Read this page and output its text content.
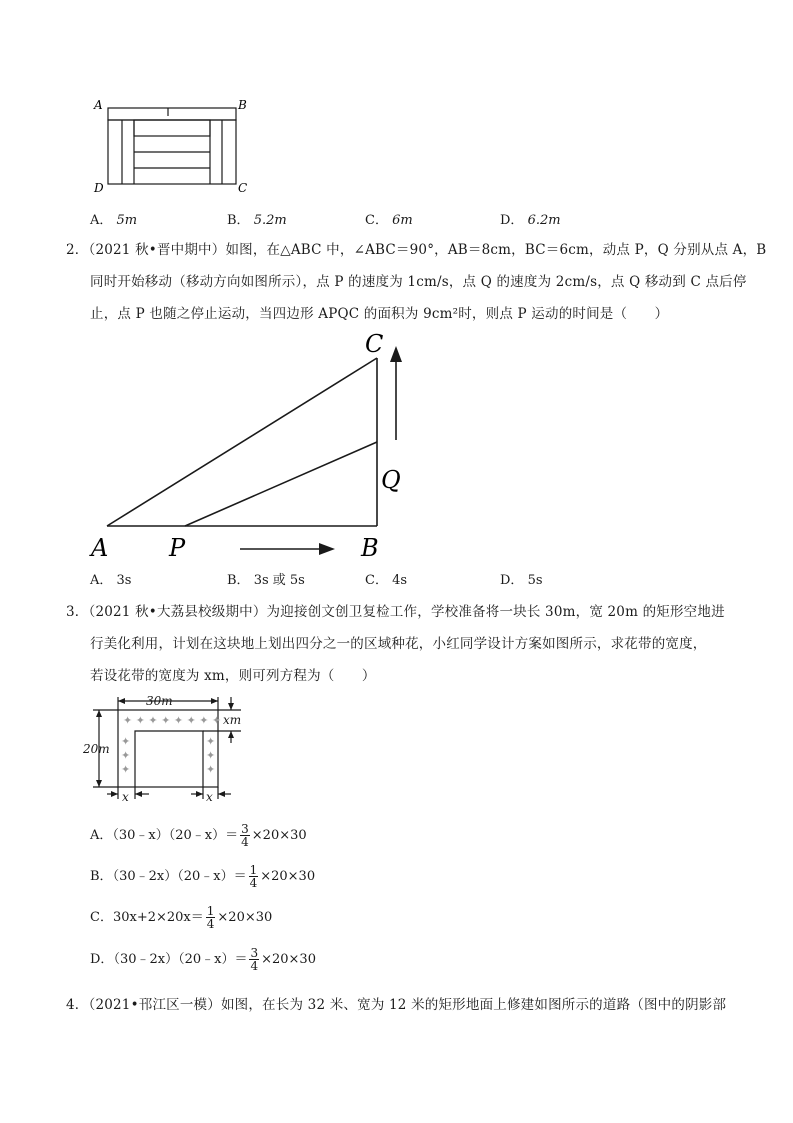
A	B
D	C
A． 5m	B． 5.2m	C． 6m	D． 6.2m
2．（2021 秋•晋中期中）如图，在△ABC 中，∠ABC＝90°，AB＝8cm，BC＝6cm，动点 P，Q 分别从点 A，B
同时开始移动（移动方向如图所示），点 P 的速度为 1cm/s，点 Q 的速度为 2cm/s，点 Q 移动到 C 点后停
止，点 P 也随之停止运动，当四边形 APQC 的面积为 9cm²时，则点 P 运动的时间是（　　）
A	P	B
Q
C
A． 3s	B． 3s 或 5s	C． 4s	D． 5s
3．（2021 秋•大荔县校级期中）为迎接创文创卫复检工作，学校准备将一块长 30m，宽 20m 的矩形空地进
行美化利用，计划在这块地上划出四分之一的区域种花，小红同学设计方案如图所示，求花带的宽度，
若设花带的宽度为 xm，则可列方程为（　　）
✦ ✦ ✦ ✦ ✦ ✦ ✦ ✦
✦
✦
✦
✦
✦
✦
30m
20m
xm
x	x
A．（30﹣x）（20﹣x）＝ $\frac{3}{4} \times 20\times 30$
B．（30﹣2x）（20﹣x）＝ $\frac{1}{4} \times 20\times 30$
C．$30x+2\times 20x= \frac{1}{4} \times 20\times 30$
D．（30﹣2x）（20﹣x）＝ $\frac{3}{4} \times 20\times 30$
4．（2021•邗江区一模）如图，在长为 32 米、宽为 12 米的矩形地面上修建如图所示的道路（图中的阴影部
